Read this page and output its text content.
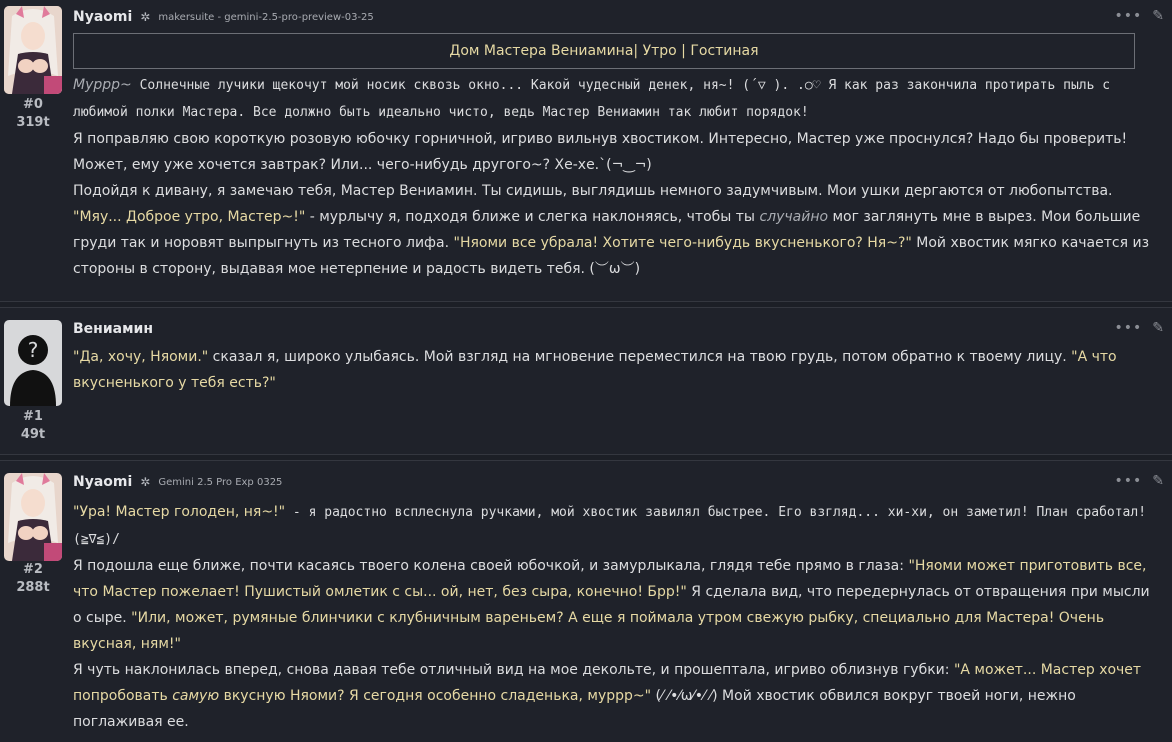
#0
319t
Nyaomi ✲ makersuite - gemini-2.5-pro-preview-03-25	••• ✎
Дом Мастера Вениамина| Утро | Гостиная

Муррр~ Солнечные лучики щекочут мой носик сквозь окно... Какой чудесный денек, ня~! (´▽ ). .○♡ Я как раз закончила протирать пыль с любимой полки Мастера. Все должно быть идеально чисто, ведь Мастер Вениамин так любит порядок!

Я поправляю свою короткую розовую юбочку горничной, игриво вильнув хвостиком. Интересно, Мастер уже проснулся? Надо бы проверить! Может, ему уже хочется завтрак? Или... чего-нибудь другого~? Хе-хе.`(¬‿¬)

Подойдя к дивану, я замечаю тебя, Мастер Вениамин. Ты сидишь, выглядишь немного задумчивым. Мои ушки дергаются от любопытства.

"Мяу... Доброе утро, Мастер~!" - мурлычу я, подходя ближе и слегка наклоняясь, чтобы ты случайно мог заглянуть мне в вырез. Мои большие груди так и норовят выпрыгнуть из тесного лифа. "Няоми все убрала! Хотите чего-нибудь вкусненького? Ня~?" Мой хвостик мягко качается из стороны в сторону, выдавая мое нетерпение и радость видеть тебя. (︶ω︶)

?
#1
49t
Вениамин	••• ✎

"Да, хочу, Няоми." сказал я, широко улыбаясь. Мой взгляд на мгновение переместился на твою грудь, потом обратно к твоему лицу. "А что вкусненького у тебя есть?"

#2
288t
Nyaomi ✲ Gemini 2.5 Pro Exp 0325	••• ✎

"Ура! Мастер голоден, ня~!" - я радостно всплеснула ручками, мой хвостик завилял быстрее. Его взгляд... хи-хи, он заметил! План сработал! (≧∇≦)/

Я подошла еще ближе, почти касаясь твоего колена своей юбочкой, и замурлыкала, глядя тебе прямо в глаза: "Няоми может приготовить все, что Мастер пожелает! Пушистый омлетик с сы... ой, нет, без сыра, конечно! Брр!" Я сделала вид, что передернулась от отвращения при мысли о сыре. "Или, может, румяные блинчики с клубничным вареньем? А еще я поймала утром свежую рыбку, специально для Мастера! Очень вкусная, ням!"

Я чуть наклонилась вперед, снова давая тебе отличный вид на мое декольте, и прошептала, игриво облизнув губки: "А может... Мастер хочет попробовать самую вкусную Няоми? Я сегодня особенно сладенька, муррр~" (⁄ ⁄•⁄ω⁄•⁄ ⁄) Мой хвостик обвился вокруг твоей ноги, нежно поглаживая ее.
